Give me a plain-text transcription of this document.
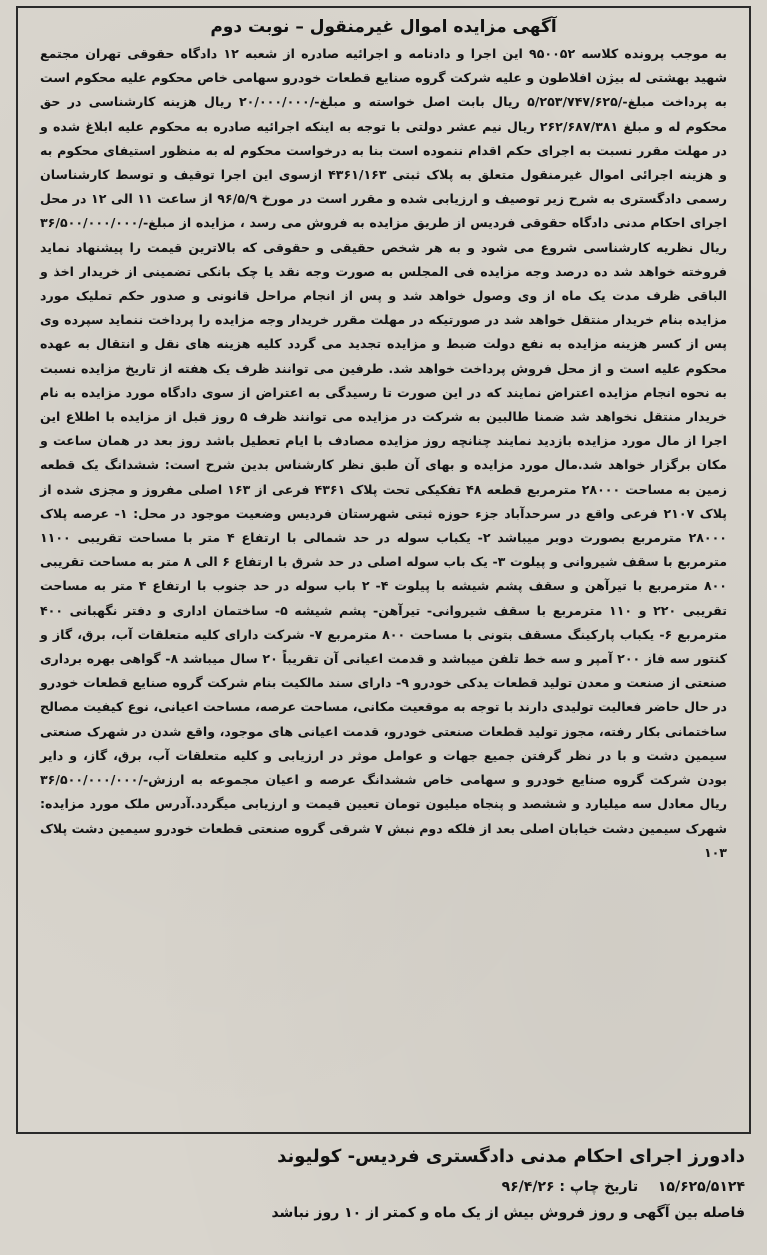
آگهی مزایده اموال غیرمنقول – نوبت دوم
به موجب پرونده کلاسه ۹۵۰۰۵۲ این اجرا و دادنامه و اجرائیه صادره از شعبه ۱۲ دادگاه حقوقی تهران مجتمع شهید بهشتی له بیژن افلاطون و علیه شرکت گروه صنایع قطعات خودرو سهامی خاص محکوم علیه محکوم است به پرداخت مبلغ-/۵/۲۵۳/۷۴۷/۶۲۵ ریال بابت اصل خواسته و مبلغ-/۲۰/۰۰۰/۰۰۰ ریال هزینه کارشناسی در حق محکوم له و مبلغ ۲۶۲/۶۸۷/۳۸۱ ریال نیم عشر دولتی با توجه به اینکه اجرائیه صادره به محکوم علیه ابلاغ شده و در مهلت مقرر نسبت به اجرای حکم اقدام ننموده است بنا به درخواست محکوم له به منظور استیفای محکوم به و هزینه اجرائی اموال غیرمنقول متعلق به پلاک ثبتی ۴۳۶۱/۱۶۳ ازسوی این اجرا توقیف و توسط کارشناسان رسمی دادگستری به شرح زیر توصیف و ارزیابی شده و مقرر است در مورخ ۹۶/۵/۹ از ساعت ۱۱ الی ۱۲ در محل اجرای احکام مدنی دادگاه حقوقی فردیس از طریق مزایده به فروش می رسد ، مزایده از مبلغ-/۳۶/۵۰۰/۰۰۰/۰۰۰ ریال نظریه کارشناسی شروع می شود و به هر شخص حقیقی و حقوقی که بالاترین قیمت را پیشنهاد نماید فروخته خواهد شد ده درصد وجه مزایده فی المجلس به صورت وجه نقد یا چک بانکی تضمینی از خریدار اخذ و الباقی ظرف مدت یک ماه از وی وصول خواهد شد و پس از انجام مراحل قانونی و صدور حکم تملیک مورد مزایده بنام خریدار منتقل خواهد شد در صورتیکه در مهلت مقرر خریدار وجه مزایده را پرداخت ننماید سپرده وی پس از کسر هزینه مزایده به نفع دولت ضبط و مزایده تجدید می گردد کلیه هزینه های نقل و انتقال به عهده محکوم علیه است و از محل فروش پرداخت خواهد شد. طرفین می توانند ظرف یک هفته از تاریخ مزایده نسبت به نحوه انجام مزایده اعتراض نمایند که در این صورت تا رسیدگی به اعتراض از سوی دادگاه مورد مزایده به نام خریدار منتقل نخواهد شد ضمنا طالبین به شرکت در مزایده می توانند ظرف ۵ روز قبل از مزایده با اطلاع این اجرا از مال مورد مزایده بازدید نمایند چنانچه روز مزایده مصادف با ایام تعطیل باشد روز بعد در همان ساعت و مکان برگزار خواهد شد.مال مورد مزایده و بهای آن طبق نظر کارشناس بدین شرح است: ششدانگ یک قطعه زمین به مساحت ۲۸۰۰۰ مترمربع قطعه ۴۸ تفکیکی تحت پلاک ۴۳۶۱ فرعی از ۱۶۳ اصلی مفروز و مجزی شده از پلاک ۲۱۰۷ فرعی واقع در سرحدآباد جزء حوزه ثبتی شهرستان فردیس وضعیت موجود در محل: ۱- عرصه پلاک ۲۸۰۰۰ مترمربع بصورت دوبر میباشد ۲- یکباب سوله در حد شمالی با ارتفاع ۴ متر با مساحت تقریبی ۱۱۰۰ مترمربع با سقف شیروانی و پیلوت ۳- یک باب سوله اصلی در حد شرق با ارتفاع ۶ الی ۸ متر به مساحت تقریبی ۸۰۰ مترمربع با تیرآهن و سقف پشم شیشه با پیلوت ۴- ۲ باب سوله در حد جنوب با ارتفاع ۴ متر به مساحت تقریبی ۲۲۰ و ۱۱۰ مترمربع با سقف شیروانی- تیرآهن- پشم شیشه ۵- ساختمان اداری و دفتر نگهبانی ۴۰۰ مترمربع ۶- یکباب پارکینگ مسقف بتونی با مساحت ۸۰۰ مترمربع ۷- شرکت دارای کلیه متعلقات آب، برق، گاز و کنتور سه فاز ۲۰۰ آمپر و سه خط تلفن میباشد و قدمت اعیانی آن تقریباً ۲۰ سال میباشد ۸- گواهی بهره برداری صنعتی از صنعت و معدن تولید قطعات یدکی خودرو ۹- دارای سند مالکیت بنام شرکت گروه صنایع قطعات خودرو در حال حاضر فعالیت تولیدی دارند با توجه به موقعیت مکانی، مساحت عرصه، مساحت اعیانی، نوع کیفیت مصالح ساختمانی بکار رفته، مجوز تولید قطعات صنعتی خودرو، قدمت اعیانی های موجود، واقع شدن در شهرک صنعتی سیمین دشت و با در نظر گرفتن جمیع جهات و عوامل موثر در ارزیابی و کلیه متعلقات آب، برق، گاز، و دایر بودن شرکت گروه صنایع خودرو و سهامی خاص ششدانگ عرصه و اعیان مجموعه به ارزش-/۳۶/۵۰۰/۰۰۰/۰۰۰ ریال معادل سه میلیارد و ششصد و پنجاه میلیون تومان تعیین قیمت و ارزیابی میگردد.آدرس ملک مورد مزایده: شهرک سیمین دشت خیابان اصلی بعد از فلکه دوم نبش ۷ شرقی گروه صنعتی قطعات خودرو سیمین دشت پلاک ۱۰۳
دادورز اجرای احکام مدنی دادگستری فردیس- کولیوند
۱۵/۶۲۵/۵۱۲۴  تاریخ چاپ : ۹۶/۴/۲۶
فاصله بین آگهی و روز فروش بیش از یک ماه و کمتر از ۱۰ روز نباشد
